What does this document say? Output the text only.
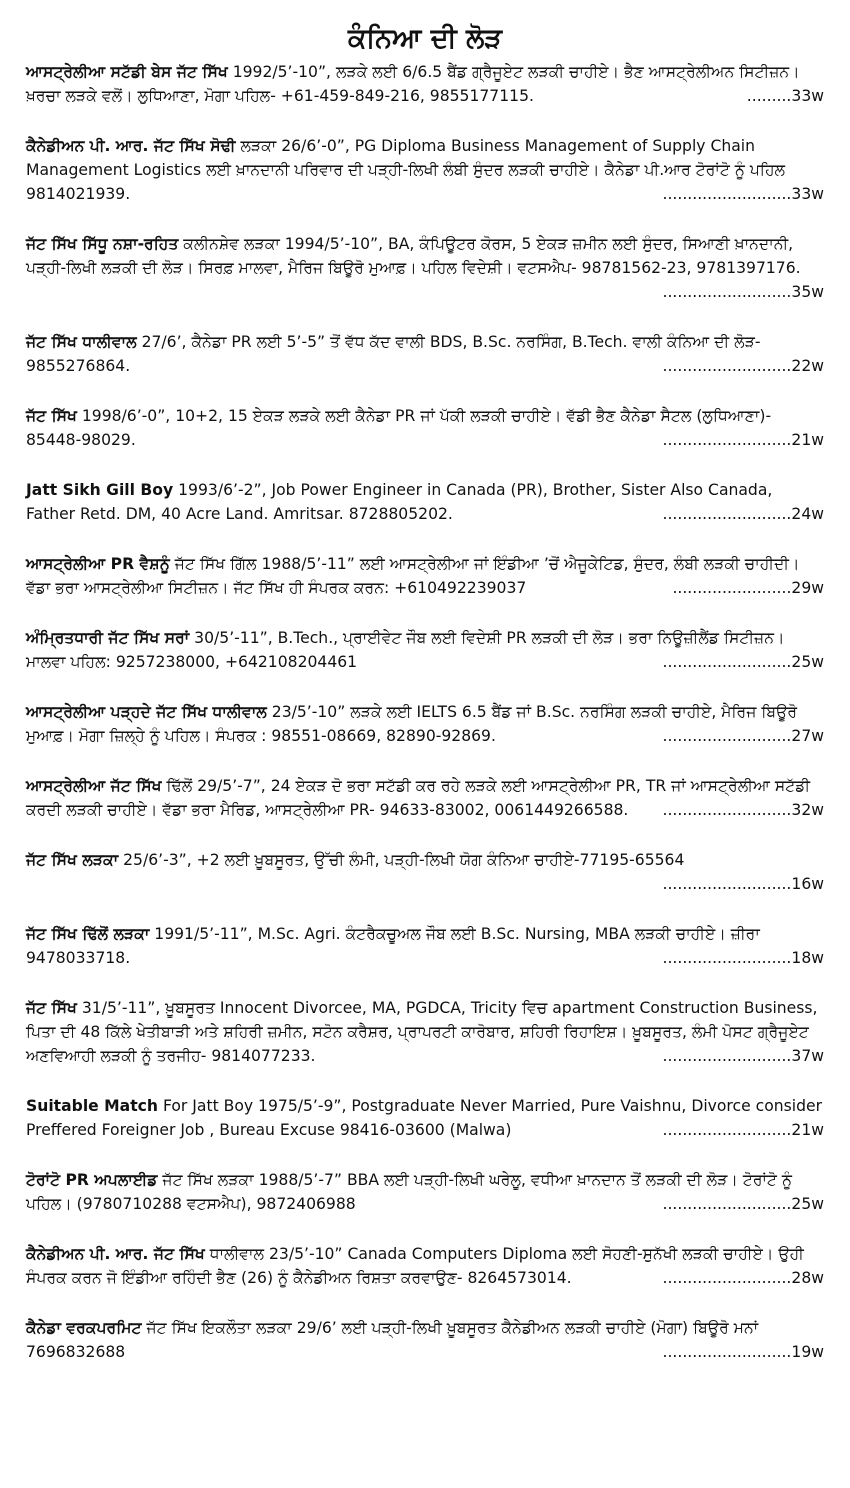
ਕੰਨਿਆ ਦੀ ਲੋੜ

ਆਸਟ੍ਰੇਲੀਆ ਸਟੱਡੀ ਬੇਸ ਜੱਟ ਸਿੱਖ 1992/5’-10”, ਲੜਕੇ ਲਈ 6/6.5 ਬੈਂਡ ਗ੍ਰੈਜੂਏਟ ਲੜਕੀ ਚਾਹੀਏ। ਭੈਣ ਆਸਟ੍ਰੇਲੀਅਨ ਸਿਟੀਜ਼ਨ। ਖ਼ਰਚਾ ਲੜਕੇ ਵਲੋਂ। ਲੁਧਿਆਣਾ, ਮੋਗਾ ਪਹਿਲ- +61-459-849-216, 9855177115.	.........33w

ਕੈਨੇਡੀਅਨ ਪੀ. ਆਰ. ਜੱਟ ਸਿੱਖ ਸੋਢੀ ਲੜਕਾ 26/6’-0”, PG Diploma Business Management of Supply Chain Management Logistics ਲਈ ਖ਼ਾਨਦਾਨੀ ਪਰਿਵਾਰ ਦੀ ਪੜ੍ਹੀ-ਲਿਖੀ ਲੰਬੀ ਸੁੰਦਰ ਲੜਕੀ ਚਾਹੀਏ। ਕੈਨੇਡਾ ਪੀ.ਆਰ ਟੋਰਾਂਟੋ ਨੂੰ ਪਹਿਲ 9814021939.	..........................33w

ਜੱਟ ਸਿੱਖ ਸਿੱਧੂ ਨਸ਼ਾ-ਰਹਿਤ ਕਲੀਨਸ਼ੇਵ ਲੜਕਾ 1994/5’-10”, BA, ਕੰਪਿਊਟਰ ਕੋਰਸ, 5 ਏਕੜ ਜ਼ਮੀਨ ਲਈ ਸੁੰਦਰ, ਸਿਆਣੀ ਖ਼ਾਨਦਾਨੀ, ਪੜ੍ਹੀ-ਲਿਖੀ ਲੜਕੀ ਦੀ ਲੋੜ। ਸਿਰਫ਼ ਮਾਲਵਾ, ਮੈਰਿਜ ਬਿਊਰੋ ਮੁਆਫ਼। ਪਹਿਲ ਵਿਦੇਸ਼ੀ। ਵਟਸਐਪ- 98781562-23, 9781397176.
..........................35w

ਜੱਟ ਸਿੱਖ ਧਾਲੀਵਾਲ 27/6’, ਕੈਨੇਡਾ PR ਲਈ 5’-5” ਤੋਂ ਵੱਧ ਕੱਦ ਵਾਲੀ BDS, B.Sc. ਨਰਸਿੰਗ, B.Tech. ਵਾਲੀ ਕੰਨਿਆ ਦੀ ਲੋੜ- 9855276864.	..........................22w

ਜੱਟ ਸਿੱਖ 1998/6’-0”, 10+2, 15 ਏਕੜ ਲੜਕੇ ਲਈ ਕੈਨੇਡਾ PR ਜਾਂ ਪੱਕੀ ਲੜਕੀ ਚਾਹੀਏ। ਵੱਡੀ ਭੈਣ ਕੈਨੇਡਾ ਸੈਟਲ (ਲੁਧਿਆਣਾ)- 85448-98029.	..........................21w

Jatt Sikh Gill Boy 1993/6’-2”, Job Power Engineer in Canada (PR), Brother, Sister Also Canada, Father Retd. DM, 40 Acre Land. Amritsar. 8728805202.	..........................24w

ਆਸਟ੍ਰੇਲੀਆ PR ਵੈਸ਼ਨੂੰ ਜੱਟ ਸਿੱਖ ਗਿੱਲ 1988/5’-11” ਲਈ ਆਸਟ੍ਰੇਲੀਆ ਜਾਂ ਇੰਡੀਆ ’ਚੋਂ ਐਜੂਕੇਟਿਡ, ਸੁੰਦਰ, ਲੰਬੀ ਲੜਕੀ ਚਾਹੀਦੀ। ਵੱਡਾ ਭਰਾ ਆਸਟ੍ਰੇਲੀਆ ਸਿਟੀਜ਼ਨ। ਜੱਟ ਸਿੱਖ ਹੀ ਸੰਪਰਕ ਕਰਨ: +610492239037	........................29w

ਅੰਮ੍ਰਿਤਧਾਰੀ ਜੱਟ ਸਿੱਖ ਸਰਾਂ 30/5’-11”, B.Tech., ਪ੍ਰਾਈਵੇਟ ਜੌਬ ਲਈ ਵਿਦੇਸ਼ੀ PR ਲੜਕੀ ਦੀ ਲੋੜ। ਭਰਾ ਨਿਊਜ਼ੀਲੈਂਡ ਸਿਟੀਜ਼ਨ। ਮਾਲਵਾ ਪਹਿਲ: 9257238000, +642108204461	..........................25w

ਆਸਟ੍ਰੇਲੀਆ ਪੜ੍ਹਦੇ ਜੱਟ ਸਿੱਖ ਧਾਲੀਵਾਲ 23/5’-10” ਲੜਕੇ ਲਈ IELTS 6.5 ਬੈਂਡ ਜਾਂ B.Sc. ਨਰਸਿੰਗ ਲੜਕੀ ਚਾਹੀਏ, ਮੈਰਿਜ ਬਿਊਰੋ ਮੁਆਫ਼। ਮੋਗਾ ਜ਼ਿਲ੍ਹੇ ਨੂੰ ਪਹਿਲ। ਸੰਪਰਕ : 98551-08669, 82890-92869.	..........................27w

ਆਸਟ੍ਰੇਲੀਆ ਜੱਟ ਸਿੱਖ ਢਿੱਲੋਂ 29/5’-7”, 24 ਏਕੜ ਦੋ ਭਰਾ ਸਟੱਡੀ ਕਰ ਰਹੇ ਲੜਕੇ ਲਈ ਆਸਟ੍ਰੇਲੀਆ PR, TR ਜਾਂ ਆਸਟ੍ਰੇਲੀਆ ਸਟੱਡੀ ਕਰਦੀ ਲੜਕੀ ਚਾਹੀਏ। ਵੱਡਾ ਭਰਾ ਮੈਰਿਡ, ਆਸਟ੍ਰੇਲੀਆ PR- 94633-83002, 0061449266588.	..........................32w

ਜੱਟ ਸਿੱਖ ਲੜਕਾ 25/6’-3”, +2 ਲਈ ਖ਼ੂਬਸੂਰਤ, ਉੱਚੀ ਲੰਮੀ, ਪੜ੍ਹੀ-ਲਿਖੀ ਯੋਗ ਕੰਨਿਆ ਚਾਹੀਏ-77195-65564
..........................16w

ਜੱਟ ਸਿੱਖ ਢਿੱਲੋਂ ਲੜਕਾ 1991/5’-11”, M.Sc. Agri. ਕੰਟਰੈਕਚੂਅਲ ਜੌਬ ਲਈ B.Sc. Nursing, MBA ਲੜਕੀ ਚਾਹੀਏ। ਜ਼ੀਰਾ 9478033718.	..........................18w

ਜੱਟ ਸਿੱਖ 31/5’-11”, ਖ਼ੂਬਸੂਰਤ Innocent Divorcee, MA, PGDCA, Tricity ਵਿਚ apartment Construction Business, ਪਿਤਾ ਦੀ 48 ਕਿੱਲੇ ਖੇਤੀਬਾੜੀ ਅਤੇ ਸ਼ਹਿਰੀ ਜ਼ਮੀਨ, ਸਟੋਨ ਕਰੈਸ਼ਰ, ਪ੍ਰਾਪਰਟੀ ਕਾਰੋਬਾਰ, ਸ਼ਹਿਰੀ ਰਿਹਾਇਸ਼। ਖ਼ੂਬਸੂਰਤ, ਲੰਮੀ ਪੋਸਟ ਗ੍ਰੈਜੂਏਟ ਅਣਵਿਆਹੀ ਲੜਕੀ ਨੂੰ ਤਰਜੀਹ- 9814077233.	..........................37w

Suitable Match For Jatt Boy 1975/5’-9”, Postgraduate Never Married, Pure Vaishnu, Divorce consider Preffered Foreigner Job , Bureau Excuse 98416-03600 (Malwa)	..........................21w

ਟੋਰਾਂਟੋ PR ਅਪਲਾਈਡ ਜੱਟ ਸਿੱਖ ਲੜਕਾ 1988/5’-7” BBA ਲਈ ਪੜ੍ਹੀ-ਲਿਖੀ ਘਰੇਲੂ, ਵਧੀਆ ਖ਼ਾਨਦਾਨ ਤੋਂ ਲੜਕੀ ਦੀ ਲੋੜ। ਟੋਰਾਂਟੋ ਨੂੰ ਪਹਿਲ। (9780710288 ਵਟਸਐਪ), 9872406988	..........................25w

ਕੈਨੇਡੀਅਨ ਪੀ. ਆਰ. ਜੱਟ ਸਿੱਖ ਧਾਲੀਵਾਲ 23/5’-10” Canada Computers Diploma ਲਈ ਸੋਹਣੀ-ਸੁਨੱਖੀ ਲੜਕੀ ਚਾਹੀਏ। ਉਹੀ ਸੰਪਰਕ ਕਰਨ ਜੋ ਇੰਡੀਆ ਰਹਿੰਦੀ ਭੈਣ (26) ਨੂੰ ਕੈਨੇਡੀਅਨ ਰਿਸ਼ਤਾ ਕਰਵਾਉਣ- 8264573014.	..........................28w

ਕੈਨੇਡਾ ਵਰਕਪਰਮਿਟ ਜੱਟ ਸਿੱਖ ਇਕਲੌਤਾ ਲੜਕਾ 29/6’ ਲਈ ਪੜ੍ਹੀ-ਲਿਖੀ ਖ਼ੂਬਸੂਰਤ ਕੈਨੇਡੀਅਨ ਲੜਕੀ ਚਾਹੀਏ (ਮੋਗਾ) ਬਿਊਰੋ ਮਨਾਂ 7696832688	..........................19w
